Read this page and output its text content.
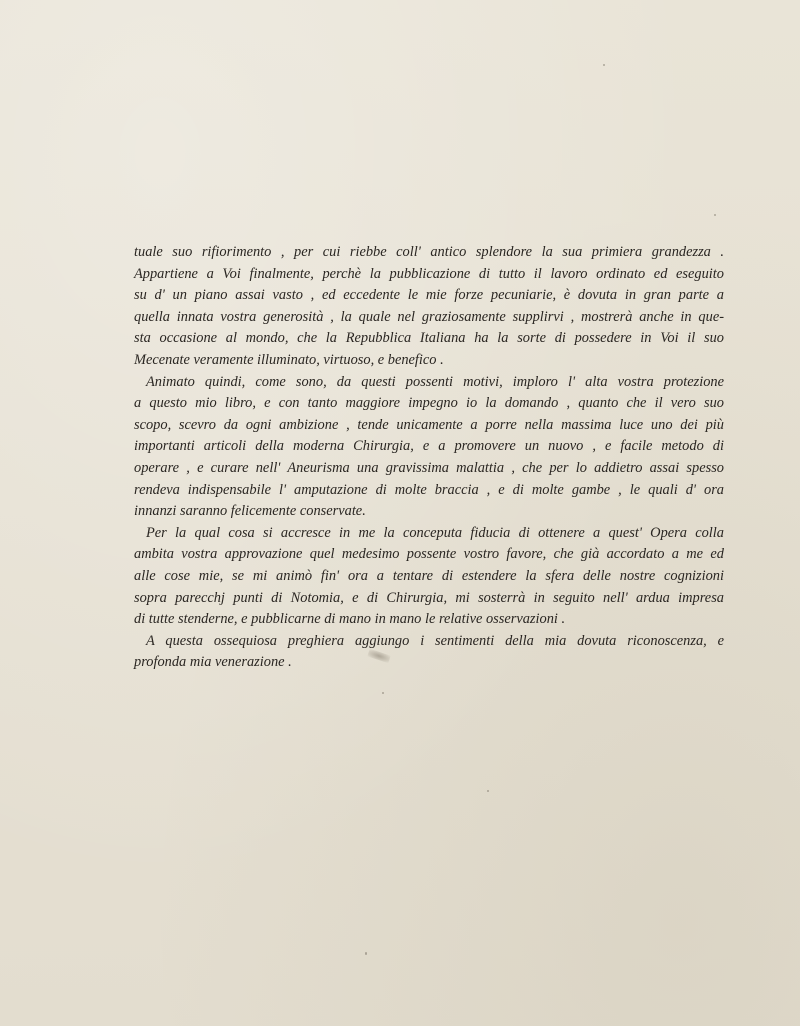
tuale suo rifiorimento , per cui riebbe coll' antico splendore la sua primiera grandezza .
Appartiene a Voi finalmente, perchè la pubblicazione di tutto il lavoro ordinato ed eseguito
su d' un piano assai vasto , ed eccedente le mie forze pecuniarie, è dovuta in gran parte a
quella innata vostra generosità , la quale nel graziosamente supplirvi , mostrerà anche in que-
sta occasione al mondo, che la Repubblica Italiana ha la sorte di possedere in Voi il suo
Mecenate veramente illuminato, virtuoso, e benefico .
Animato quindi, come sono, da questi possenti motivi, imploro l' alta vostra protezione
a questo mio libro, e con tanto maggiore impegno io la domando , quanto che il vero suo
scopo, scevro da ogni ambizione , tende unicamente a porre nella massima luce uno dei più
importanti articoli della moderna Chirurgia, e a promovere un nuovo , e facile metodo di
operare , e curare nell' Aneurisma una gravissima malattia , che per lo addietro assai spesso
rendeva indispensabile l' amputazione di molte braccia , e di molte gambe , le quali d' ora
innanzi saranno felicemente conservate.
Per la qual cosa si accresce in me la conceputa fiducia di ottenere a quest' Opera colla
ambita vostra approvazione quel medesimo possente vostro favore, che già accordato a me ed
alle cose mie, se mi animò fin' ora a tentare di estendere la sfera delle nostre cognizioni
sopra parecchj punti di Notomia, e di Chirurgia, mi sosterrà in seguito nell' ardua impresa
di tutte stenderne, e pubblicarne di mano in mano le relative osservazioni .
A questa ossequiosa preghiera aggiungo i sentimenti della mia dovuta riconoscenza, e
profonda mia venerazione .
